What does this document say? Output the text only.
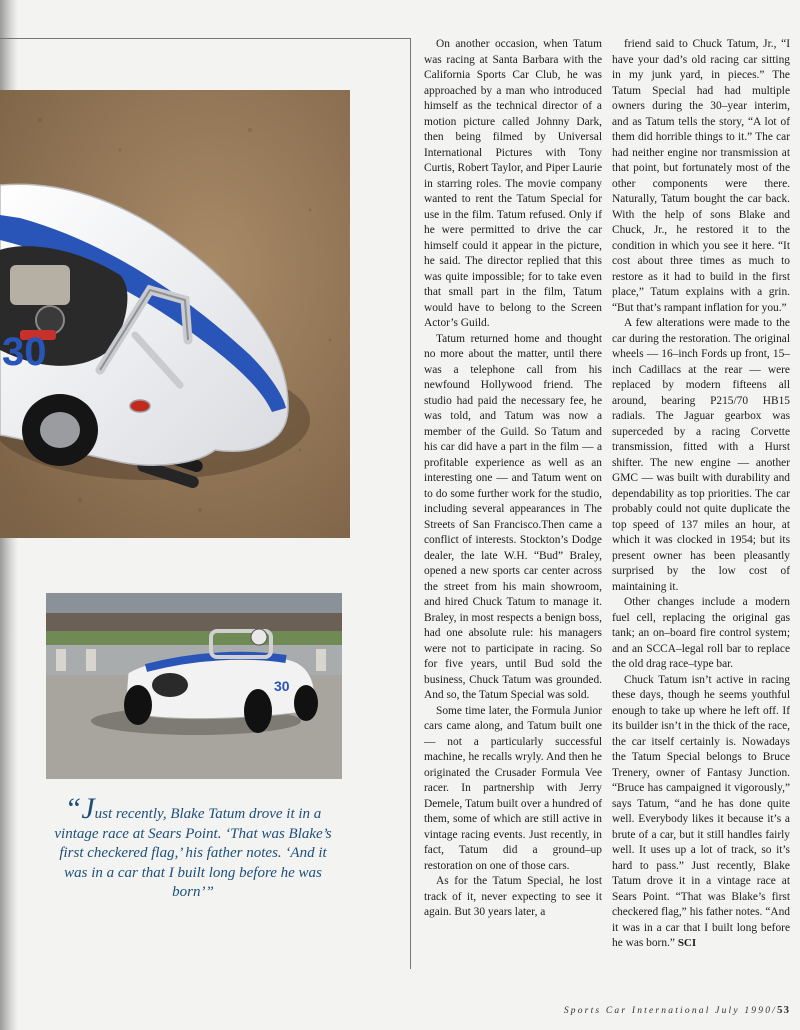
30
30
“Just recently, Blake Tatum drove it in a vintage race at Sears Point. ‘That was Blake’s first checkered flag,’ his father notes. ‘And it was in a car that I built long before he was born’”

On another occasion, when Tatum was racing at Santa Barbara with the California Sports Car Club, he was approached by a man who introduced himself as the technical director of a motion picture called Johnny Dark, then being filmed by Universal International Pictures with Tony Curtis, Robert Taylor, and Piper Laurie in starring roles. The movie company wanted to rent the Tatum Special for use in the film. Tatum refused. Only if he were permitted to drive the car himself could it appear in the picture, he said. The director replied that this was quite impossible; for to take even that small part in the film, Tatum would have to belong to the Screen Actor’s Guild.

Tatum returned home and thought no more about the matter, until there was a telephone call from his newfound Hollywood friend. The studio had paid the necessary fee, he was told, and Tatum was now a member of the Guild. So Tatum and his car did have a part in the film — a profitable experience as well as an interesting one — and Tatum went on to do some further work for the studio, including several appearances in The Streets of San Francisco.Then came a conflict of interests. Stockton’s Dodge dealer, the late W.H. “Bud” Braley, opened a new sports car center across the street from his main showroom, and hired Chuck Tatum to manage it. Braley, in most respects a benign boss, had one absolute rule: his managers were not to participate in racing. So for five years, until Bud sold the business, Chuck Tatum was grounded. And so, the Tatum Special was sold.

Some time later, the Formula Junior cars came along, and Tatum built one — not a particularly successful machine, he recalls wryly. And then he originated the Crusader Formula Vee racer. In partnership with Jerry Demele, Tatum built over a hundred of them, some of which are still active in vintage racing events. Just recently, in fact, Tatum did a ground–up restoration on one of those cars.

As for the Tatum Special, he lost track of it, never expecting to see it again. But 30 years later, a

friend said to Chuck Tatum, Jr., “I have your dad’s old racing car sitting in my junk yard, in pieces.” The Tatum Special had had multiple owners during the 30–year interim, and as Tatum tells the story, “A lot of them did horrible things to it.” The car had neither engine nor transmission at that point, but fortunately most of the other components were there. Naturally, Tatum bought the car back. With the help of sons Blake and Chuck, Jr., he restored it to the condition in which you see it here. “It cost about three times as much to restore as it had to build in the first place,” Tatum explains with a grin. “But that’s rampant inflation for you.”

A few alterations were made to the car during the restoration. The original wheels — 16–inch Fords up front, 15–inch Cadillacs at the rear — were replaced by modern fifteens all around, bearing P215/70 HB15 radials. The Jaguar gearbox was superceded by a racing Corvette transmission, fitted with a Hurst shifter. The new engine — another GMC — was built with durability and dependability as top priorities. The car probably could not quite duplicate the top speed of 137 miles an hour, at which it was clocked in 1954; but its present owner has been pleasantly surprised by the low cost of maintaining it.

Other changes include a modern fuel cell, replacing the original gas tank; an on–board fire control system; and an SCCA–legal roll bar to replace the old drag race–type bar.

Chuck Tatum isn’t active in racing these days, though he seems youthful enough to take up where he left off. If its builder isn’t in the thick of the race, the car itself certainly is. Nowadays the Tatum Special belongs to Bruce Trenery, owner of Fantasy Junction. “Bruce has campaigned it vigorously,” says Tatum, “and he has done quite well. Everybody likes it because it’s a brute of a car, but it still handles fairly well. It uses up a lot of track, so it’s hard to pass.” Just recently, Blake Tatum drove it in a vintage race at Sears Point. “That was Blake’s first checkered flag,” his father notes. “And it was in a car that I built long before he was born.” SCI

Sports Car International July 1990/53
